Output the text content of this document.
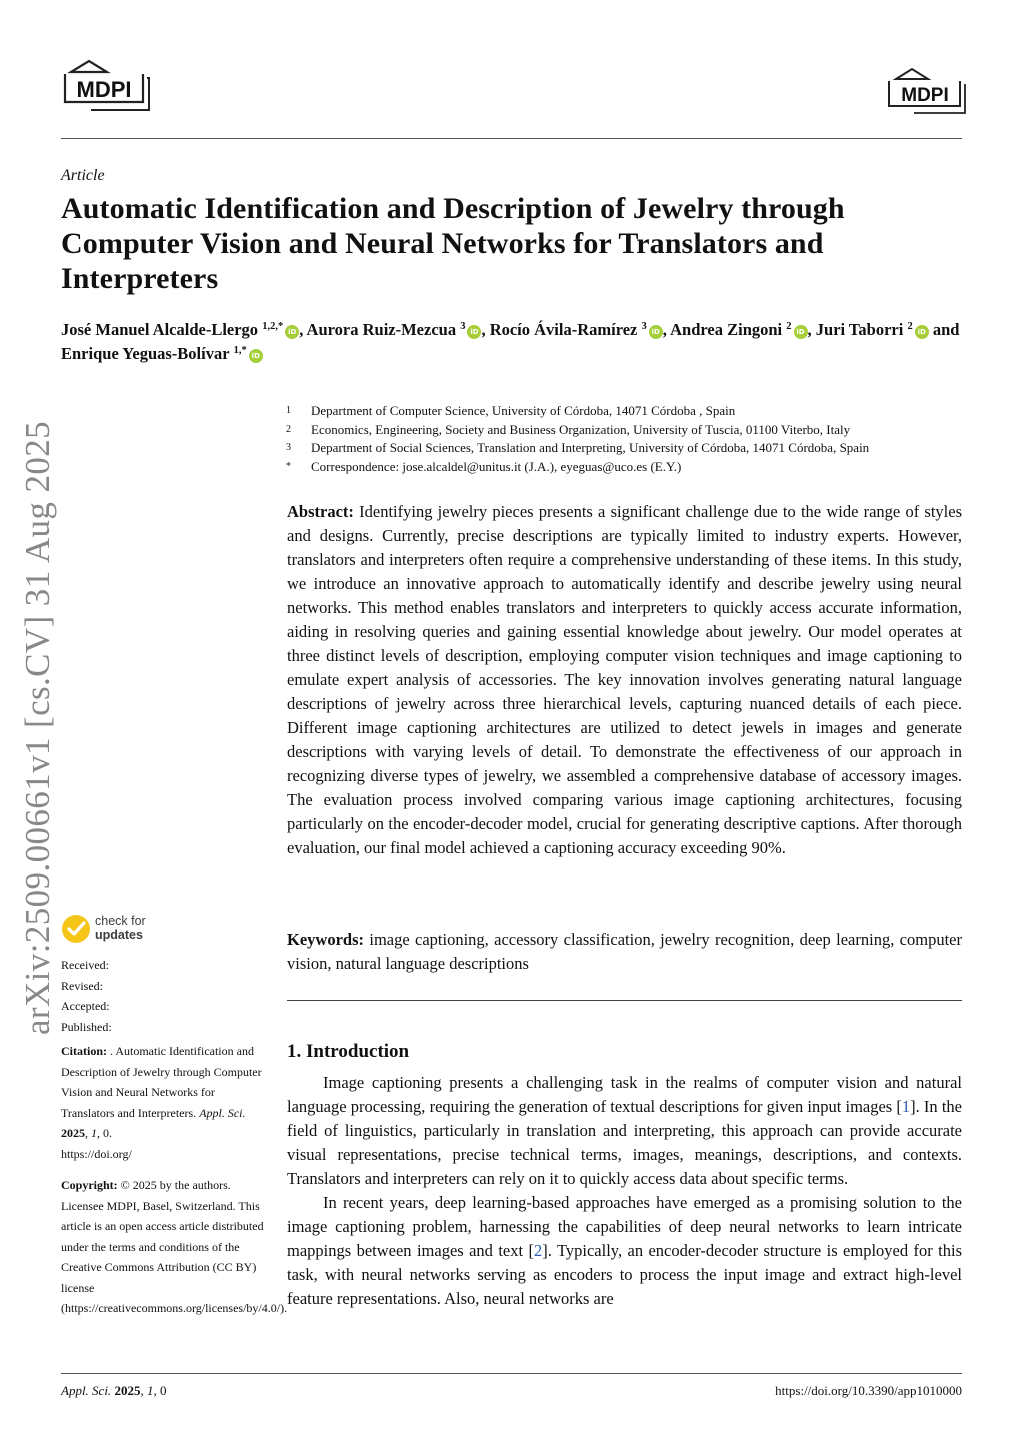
MDPI	MDPI
Article
Automatic Identification and Description of Jewelry through Computer Vision and Neural Networks for Translators and Interpreters
José Manuel Alcalde-Llergo $^{1,2,*}$ iD , Aurora Ruiz-Mezcua $^3$ iD , Rocío Ávila-Ramírez $^3$ iD , Andrea Zingoni $^2$ iD , Juri Taborri $^2$ iD and Enrique Yeguas-Bolívar $^{1,*}$ iD
arXiv:2509.00661v1 [cs.CV] 31 Aug 2025
1	Department of Computer Science, University of Córdoba, 14071 Córdoba , Spain
2	Economics, Engineering, Society and Business Organization, University of Tuscia, 01100 Viterbo, Italy
3	Department of Social Sciences, Translation and Interpreting, University of Córdoba, 14071 Córdoba, Spain
*	Correspondence: jose.alcaldel@unitus.it (J.A.), eyeguas@uco.es (E.Y.)
Abstract: Identifying jewelry pieces presents a significant challenge due to the wide range of styles and designs. Currently, precise descriptions are typically limited to industry experts. However, translators and interpreters often require a comprehensive understanding of these items. In this study, we introduce an innovative approach to automatically identify and describe jewelry using neural networks. This method enables translators and interpreters to quickly access accurate information, aiding in resolving queries and gaining essential knowledge about jewelry. Our model operates at three distinct levels of description, employing computer vision techniques and image captioning to emulate expert analysis of accessories. The key innovation involves generating natural language descriptions of jewelry across three hierarchical levels, capturing nuanced details of each piece. Different image captioning architectures are utilized to detect jewels in images and generate descriptions with varying levels of detail. To demonstrate the effectiveness of our approach in recognizing diverse types of jewelry, we assembled a comprehensive database of accessory images. The evaluation process involved comparing various image captioning architectures, focusing particularly on the encoder-decoder model, crucial for generating descriptive captions. After thorough evaluation, our final model achieved a captioning accuracy exceeding 90%.
Keywords: image captioning, accessory classification, jewelry recognition, deep learning, computer vision, natural language descriptions
1. Introduction

Image captioning presents a challenging task in the realms of computer vision and natural language processing, requiring the generation of textual descriptions for given input images [1]. In the field of linguistics, particularly in translation and interpreting, this approach can provide accurate visual representations, precise technical terms, images, meanings, descriptions, and contexts. Translators and interpreters can rely on it to quickly access data about specific terms.

In recent years, deep learning-based approaches have emerged as a promising solution to the image captioning problem, harnessing the capabilities of deep neural networks to learn intricate mappings between images and text [2]. Typically, an encoder-decoder structure is employed for this task, with neural networks serving as encoders to process the input image and extract high-level feature representations. Also, neural networks are

check for
updates
Received:
Revised:
Accepted:
Published:
Citation: . Automatic Identification and Description of Jewelry through Computer Vision and Neural Networks for Translators and Interpreters. Appl. Sci. 2025, 1, 0.
https://doi.org/
Copyright: © 2025 by the authors. Licensee MDPI, Basel, Switzerland. This article is an open access article distributed under the terms and conditions of the Creative Commons Attribution (CC BY) license (https://creativecommons.org/licenses/by/4.0/).
Appl. Sci. 2025, 1, 0	https://doi.org/10.3390/app1010000
